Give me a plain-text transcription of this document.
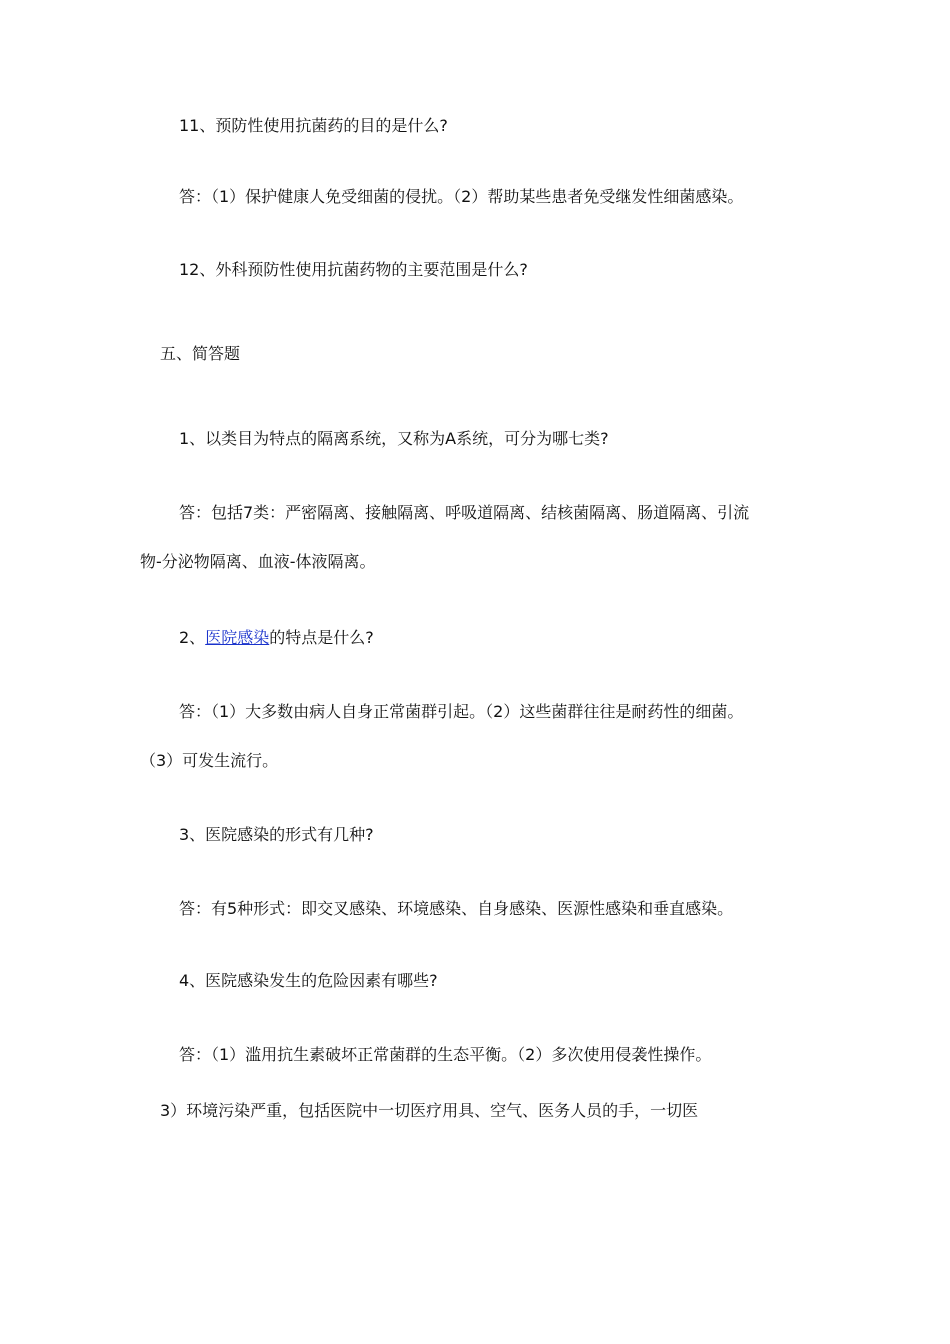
11、预防性使用抗菌药的目的是什么?
答：（1）保护健康人免受细菌的侵扰。（2）帮助某些患者免受继发性细菌感染。
12、外科预防性使用抗菌药物的主要范围是什么?
五、简答题
1、以类目为特点的隔离系统，又称为A系统，可分为哪七类?
答：包括7类：严密隔离、接触隔离、呼吸道隔离、结核菌隔离、肠道隔离、引流
物-分泌物隔离、血液-体液隔离。
2、医院感染的特点是什么?
答：（1）大多数由病人自身正常菌群引起。（2）这些菌群往往是耐药性的细菌。
（3）可发生流行。
3、医院感染的形式有几种?
答：有5种形式：即交叉感染、环境感染、自身感染、医源性感染和垂直感染。
4、医院感染发生的危险因素有哪些?
答：（1）滥用抗生素破坏正常菌群的生态平衡。（2）多次使用侵袭性操作。
3）环境污染严重，包括医院中一切医疗用具、空气、医务人员的手，一切医
